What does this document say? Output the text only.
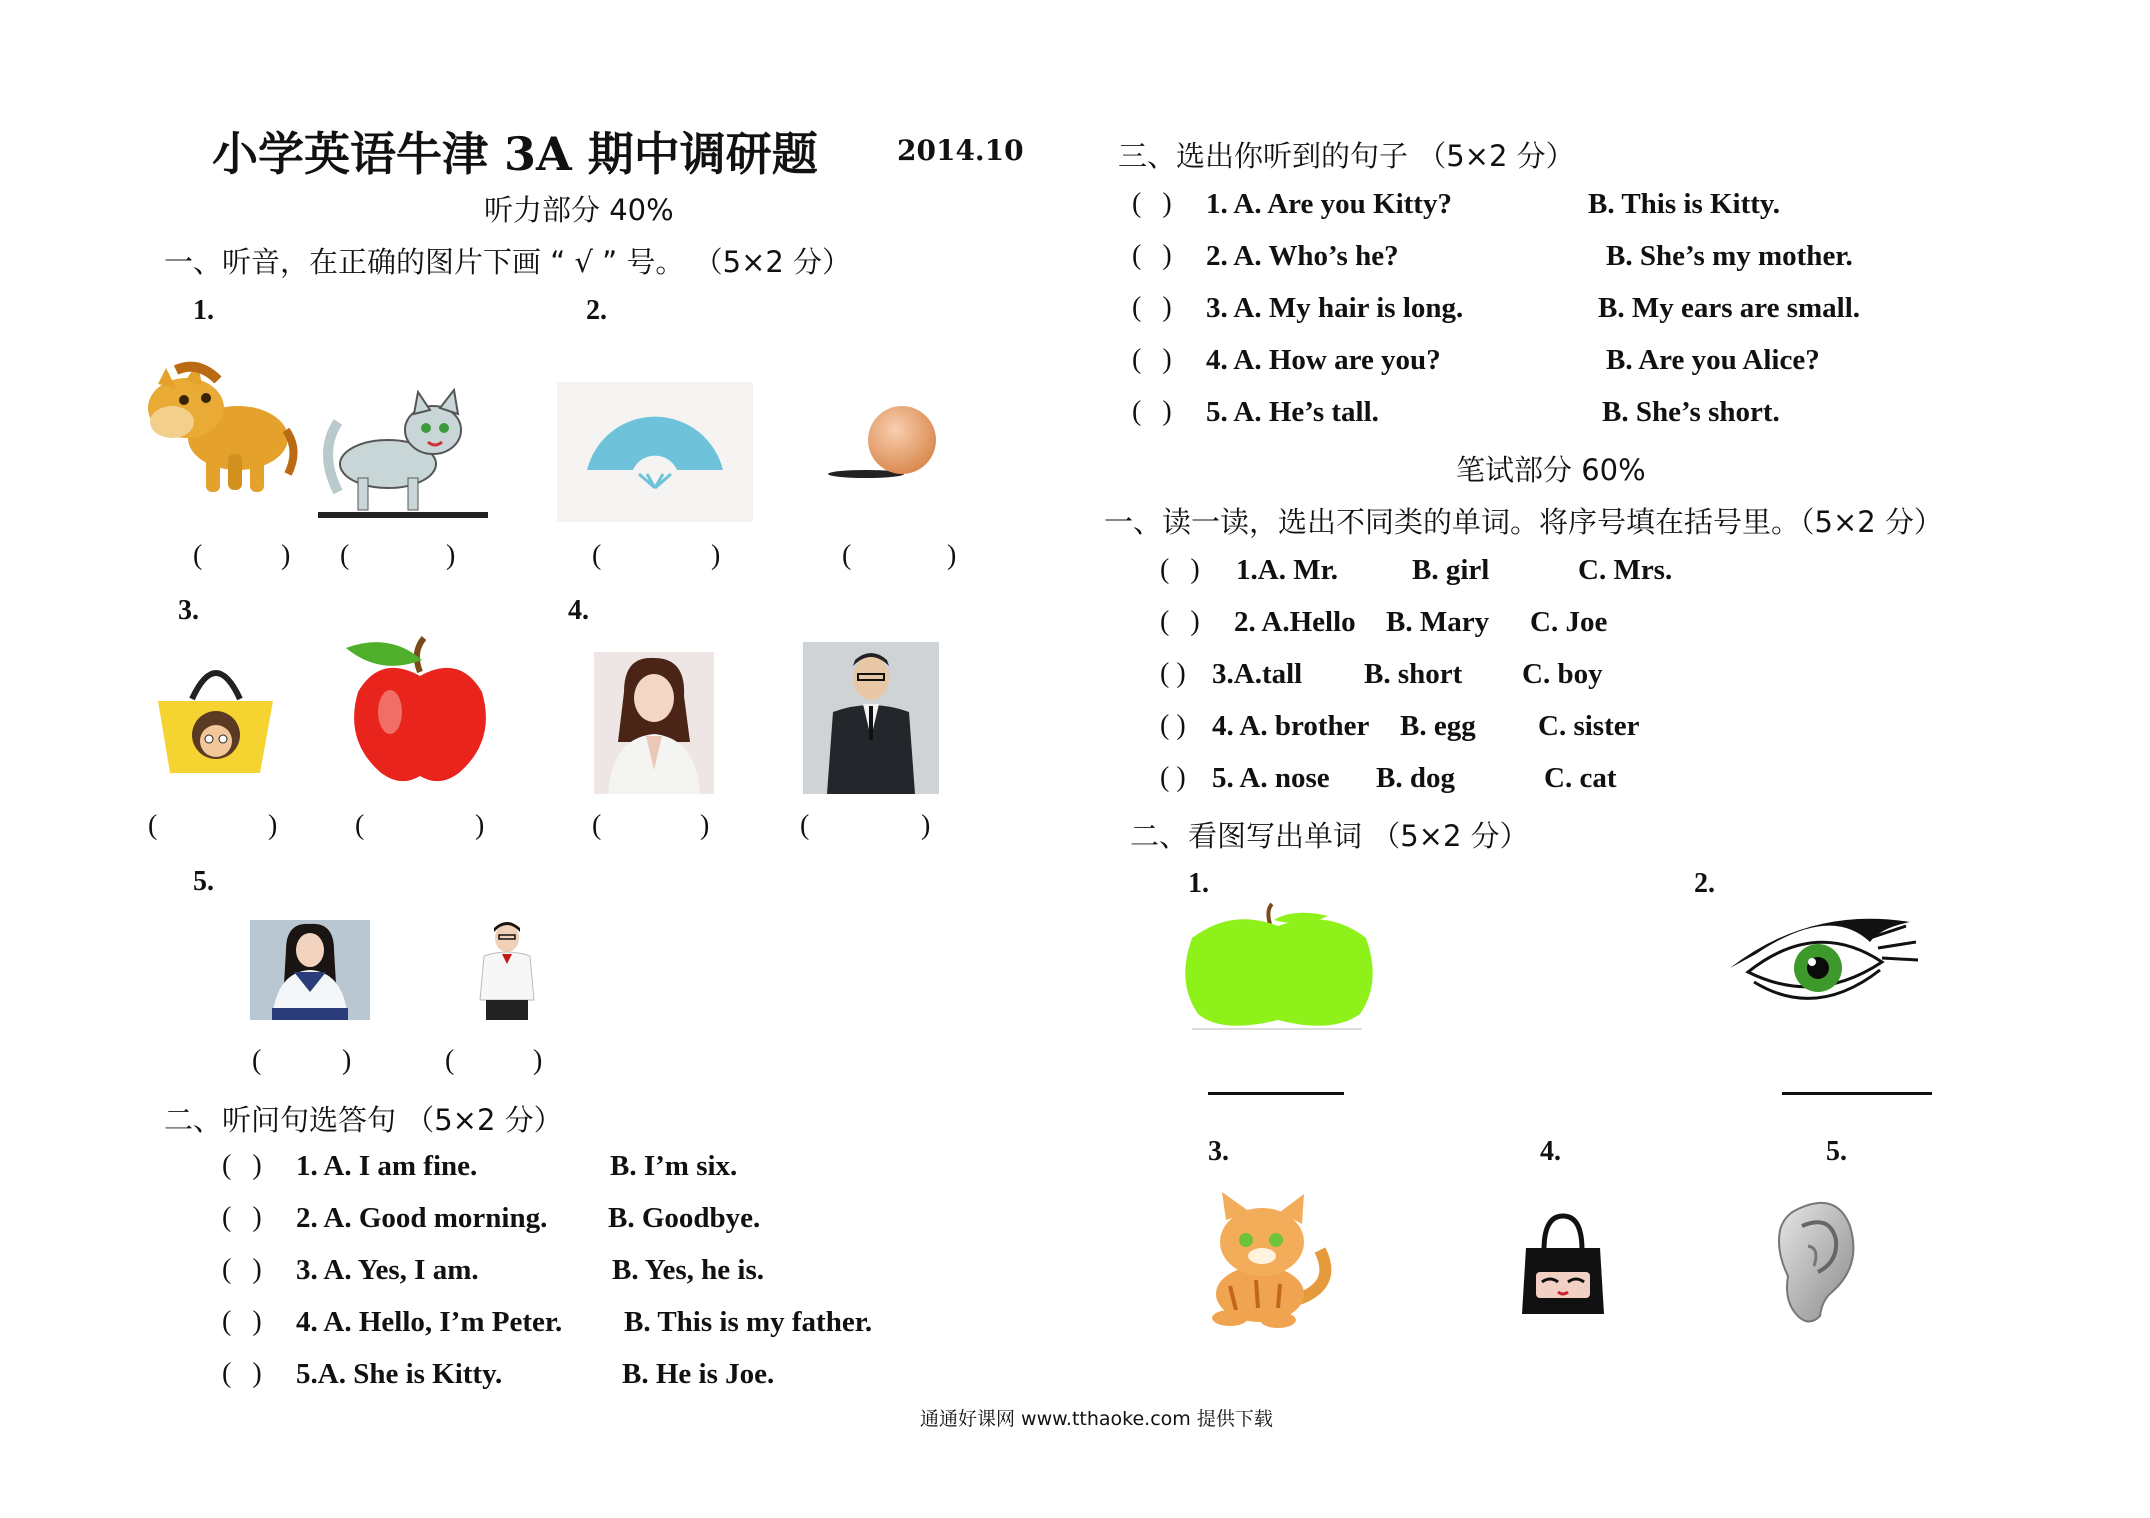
小学英语牛津 3A 期中调研题	2014.10
听力部分 40%
一、听音，在正确的图片下画 “ √ ” 号。 （5×2 分）
1.	2.
(	) (	)	(	)	(	)
3.	4.
(	)	(	)	(	)	(	)
5.
(	)	(	)
二、听问句选答句 （5×2 分）
(   ) 1. A. I am fine.	B. I’m six.
(   ) 2. A. Good morning. B. Goodbye.
(   ) 3. A. Yes, I am.	B. Yes, he is.
(   ) 4. A. Hello, I’m Peter. B. This is my father.
(   ) 5.A. She is Kitty.	B. He is Joe.
三、选出你听到的句子 （5×2 分）
(   ) 1. A. Are you Kitty?	B. This is Kitty.
(   ) 2. A. Who’s he?	B. She’s my mother.
(   ) 3. A. My hair is long.	B. My ears are small.
(   ) 4. A. How are you?	B. Are you Alice?
(   ) 5. A. He’s tall.	B. She’s short.
笔试部分 60%
一、读一读，选出不同类的单词。将序号填在括号里。（5×2 分）
(   ) 1.A. Mr.	B. girl	C. Mrs.
(   ) 2. A.Hello B. Mary C. Joe
( ) 3.A.tall B. short C. boy
( ) 4. A. brother B. egg C. sister
( ) 5. A. nose B. dog	C. cat
二、看图写出单词 （5×2 分）
1.	2.
3.	4.	5.
通通好课网 www.tthaoke.com 提供下载
